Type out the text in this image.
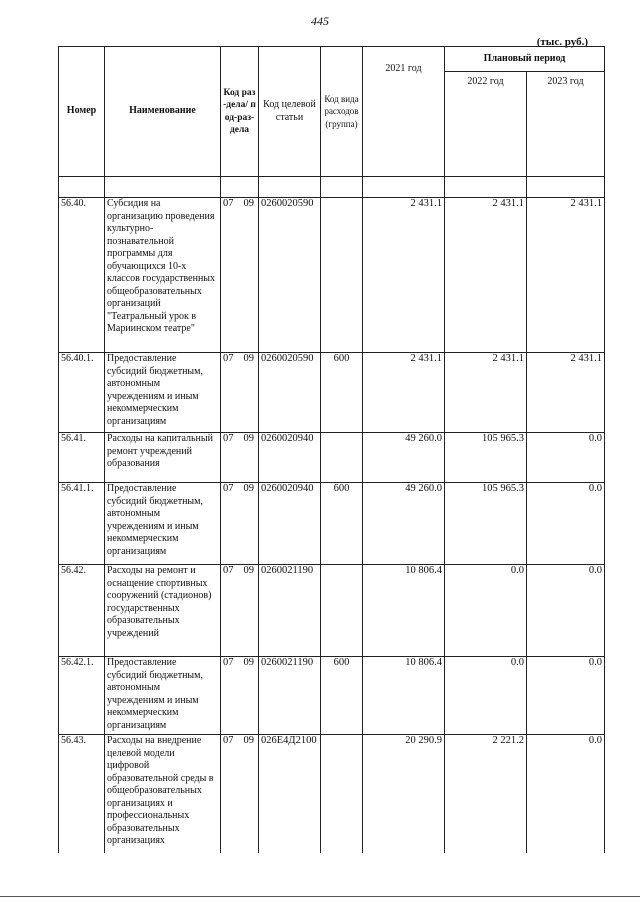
445
(тыс. руб.)
Номер	Наименование	Код раз-дела/ под-раз-дела	Код целевой статьи	Код вида расходов (группа)	2021 год	Плановый период	
						2022 год	2023 год

56.40.	Субсидия на организацию проведения культурно-познавательной программы для обучающихся 10-х классов государственных общеобразовательных организаций "Театральный урок в Мариинском театре"	07 09	0260020590		2 431.1	2 431.1	2 431.1
56.40.1.	Предоставление субсидий бюджетным, автономным учреждениям и иным некоммерческим организациям	07 09	0260020590	600	2 431.1	2 431.1	2 431.1
56.41.	Расходы на капитальный ремонт учреждений образования	07 09	0260020940		49 260.0	105 965.3	0.0
56.41.1.	Предоставление субсидий бюджетным, автономным учреждениям и иным некоммерческим организациям	07 09	0260020940	600	49 260.0	105 965.3	0.0
56.42.	Расходы на ремонт и оснащение спортивных сооружений (стадионов) государственных образовательных учреждений	07 09	0260021190		10 806.4	0.0	0.0
56.42.1.	Предоставление субсидий бюджетным, автономным учреждениям и иным некоммерческим организациям	07 09	0260021190	600	10 806.4	0.0	0.0
56.43.	Расходы на внедрение целевой модели цифровой образовательной среды в общеобразовательных организациях и профессиональных образовательных организациях	07 09	026Е4Д2100		20 290.9	2 221.2	0.0
